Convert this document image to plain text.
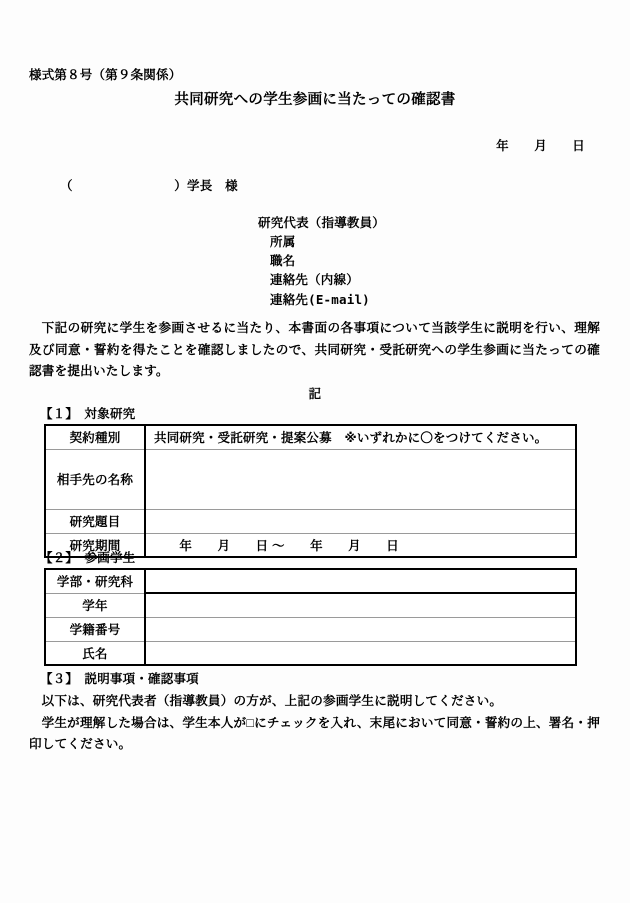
様式第８号（第９条関係）
共同研究への学生参画に当たっての確認書
年　　月　　日
（　　　　　　　　）学長　様
研究代表（指導教員）
所属
職名
連絡先（内線）
連絡先(E-mail)
下記の研究に学生を参画させるに当たり、本書面の各事項について当該学生に説明を行い、理解及び同意・誓約を得たことを確認しましたので、共同研究・受託研究への学生参画に当たっての確認書を提出いたします。
記
【１】　対象研究
契約種別	共同研究・受託研究・提案公募　※いずれかに〇をつけてください。
相手先の名称	
研究題目	
研究期間	　　年　　月　　日 ～　　年　　月　　日
【２】　参画学生
学部・研究科	
学年	
学籍番号	
氏名	
【３】　説明事項・確認事項

以下は、研究代表者（指導教員）の方が、上記の参画学生に説明してください。

学生が理解した場合は、学生本人が□にチェックを入れ、末尾において同意・誓約の上、署名・押印してください。
